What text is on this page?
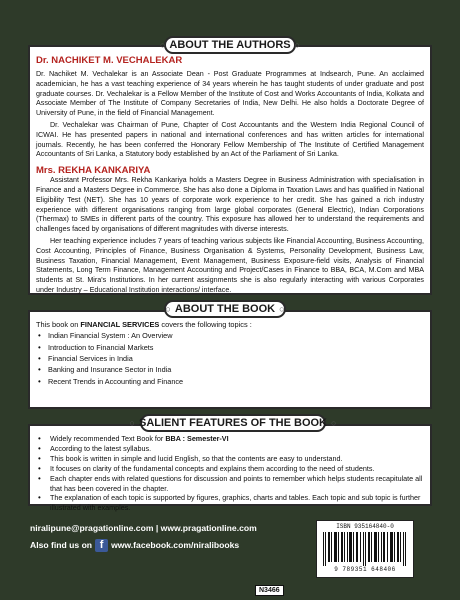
○ ABOUT THE AUTHORS ○
Dr. NACHIKET M. VECHALEKAR

Dr. Nachiket M. Vechalekar is an Associate Dean - Post Graduate Programmes at Indsearch, Pune. An acclaimed academician, he has a vast teaching experience of 34 years wherein he has taught students of under graduate and post graduate courses. Dr. Vechalekar is a Fellow Member of the Institute of Cost and Works Accountants of India, Kolkata and Associate Member of The Institute of Company Secretaries of India, New Delhi. He also holds a Doctorate Degree of University of Pune, in the field of Financial Management.

Dr. Vechalekar was Chairman of Pune, Chapter of Cost Accountants and the Western India Regional Council of ICWAI. He has presented papers in national and international conferences and has written articles for international journals. Recently, he has been conferred the Honorary Fellow Membership of The Institute of Certified Management Accountants of Sri Lanka, a Statutory body established by an Act of the Parliament of Sri Lanka.

Mrs. REKHA KANKARIYA

Assistant Professor Mrs. Rekha Kankariya holds a Masters Degree in Business Administration with specialisation in Finance and a Masters Degree in Commerce. She has also done a Diploma in Taxation Laws and has qualified in National Eligibility Test (NET). She has 10 years of corporate work experience to her credit. She has gained a rich industry experience with different organisations ranging from large global corporates (General Electric), Indian Corporations (Thermax) to SMEs in different parts of the country. This exposure has allowed her to understand the requirements and challenges faced by organisations of different magnitudes with diverse interests.

Her teaching experience includes 7 years of teaching various subjects like Financial Accounting, Business Accounting, Cost Accounting, Principles of Finance, Business Organisation & Systems, Personality Development, Business Law, Business Taxation, Financial Management, Event Management, Business Exposure-field visits, Analysis of Financial Statements, Long Term Finance, Management Accounting and Project/Cases in Finance to BBA, BCA, M.Com and MBA students at St. Mira's Institutions. In her current assignments she is also regularly interacting with various Corporates under Industry – Educational Institution interactions/ interface.

○ ABOUT THE BOOK ○

This book on FINANCIAL SERVICES covers the following topics :

• Indian Financial System : An Overview
• Introduction to Financial Markets
• Financial Services in India
• Banking and Insurance Sector in India
• Recent Trends in Accounting and Finance
○ SALIENT FEATURES OF THE BOOK ○
•	Widely recommended Text Book for BBA : Semester-VI
•	According to the latest syllabus.
•	This book is written in simple and lucid English, so that the contents are easy to understand.
•	It focuses on clarity of the fundamental concepts and explains them according to the need of students.
•	Each chapter ends with related questions for discussion and points to remember which helps students recapitulate all that has been covered in the chapter.
•	The explanation of each topic is supported by figures, graphics, charts and tables. Each topic and sub topic is further illustrated with examples.
niralipune@pragationline.com | www.pragationline.com
Also find us on f www.facebook.com/niralibooks
N3466
ISBN 935164840-0
9 789351 648406
